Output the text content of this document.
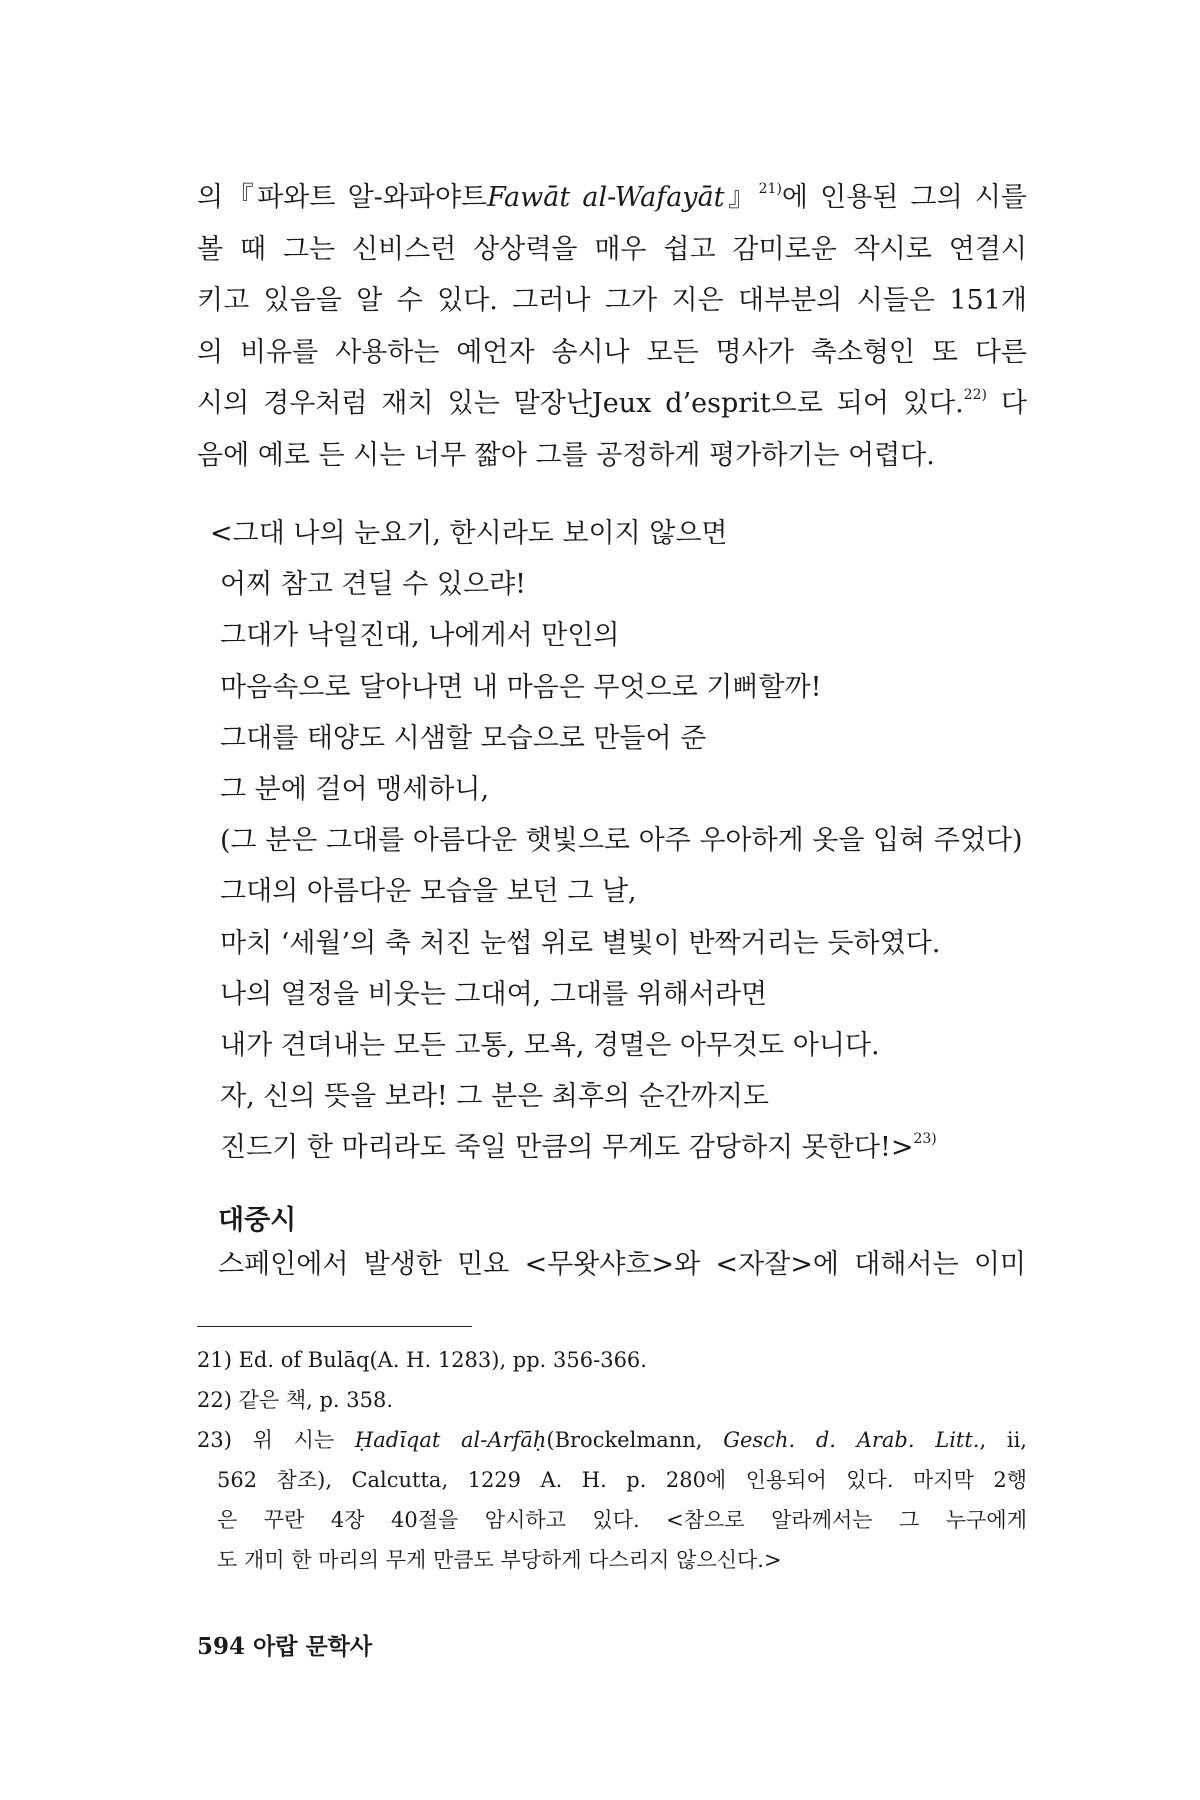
의『파와트 알-와파야트Fawāt al-Wafayāt』$^{21)}$에 인용된 그의 시를
볼 때 그는 신비스런 상상력을 매우 쉽고 감미로운 작시로 연결시
키고 있음을 알 수 있다. 그러나 그가 지은 대부분의 시들은 151개
의 비유를 사용하는 예언자 송시나 모든 명사가 축소형인 또 다른
시의 경우처럼 재치 있는 말장난Jeux d’esprit으로 되어 있다.$^{22)}$ 다
음에 예로 든 시는 너무 짧아 그를 공정하게 평가하기는 어렵다.
<그대 나의 눈요기, 한시라도 보이지 않으면
어찌 참고 견딜 수 있으랴!
그대가 낙일진대, 나에게서 만인의
마음속으로 달아나면 내 마음은 무엇으로 기뻐할까!
그대를 태양도 시샘할 모습으로 만들어 준
그 분에 걸어 맹세하니,
(그 분은 그대를 아름다운 햇빛으로 아주 우아하게 옷을 입혀 주었다)
그대의 아름다운 모습을 보던 그 날,
마치 ‘세월’의 축 처진 눈썹 위로 별빛이 반짝거리는 듯하였다.
나의 열정을 비웃는 그대여, 그대를 위해서라면
내가 견뎌내는 모든 고통, 모욕, 경멸은 아무것도 아니다.
자, 신의 뜻을 보라! 그 분은 최후의 순간까지도
진드기 한 마리라도 죽일 만큼의 무게도 감당하지 못한다!>$^{23)}$
대중시
스페인에서 발생한 민요 <무왓샤흐>와 <자잘>에 대해서는 이미
21) Ed. of Bulāq(A. H. 1283), pp. 356-366.
22) 같은 책, p. 358.
23) 위 시는 Ḥadīqat al-Arfāḥ(Brockelmann, Gesch. d. Arab. Litt., ii,
562 참조), Calcutta, 1229 A. H. p. 280에 인용되어 있다. 마지막 2행
은 꾸란 4장 40절을 암시하고 있다. <참으로 알라께서는 그 누구에게
도 개미 한 마리의 무게 만큼도 부당하게 다스리지 않으신다.>
594 아랍 문학사
